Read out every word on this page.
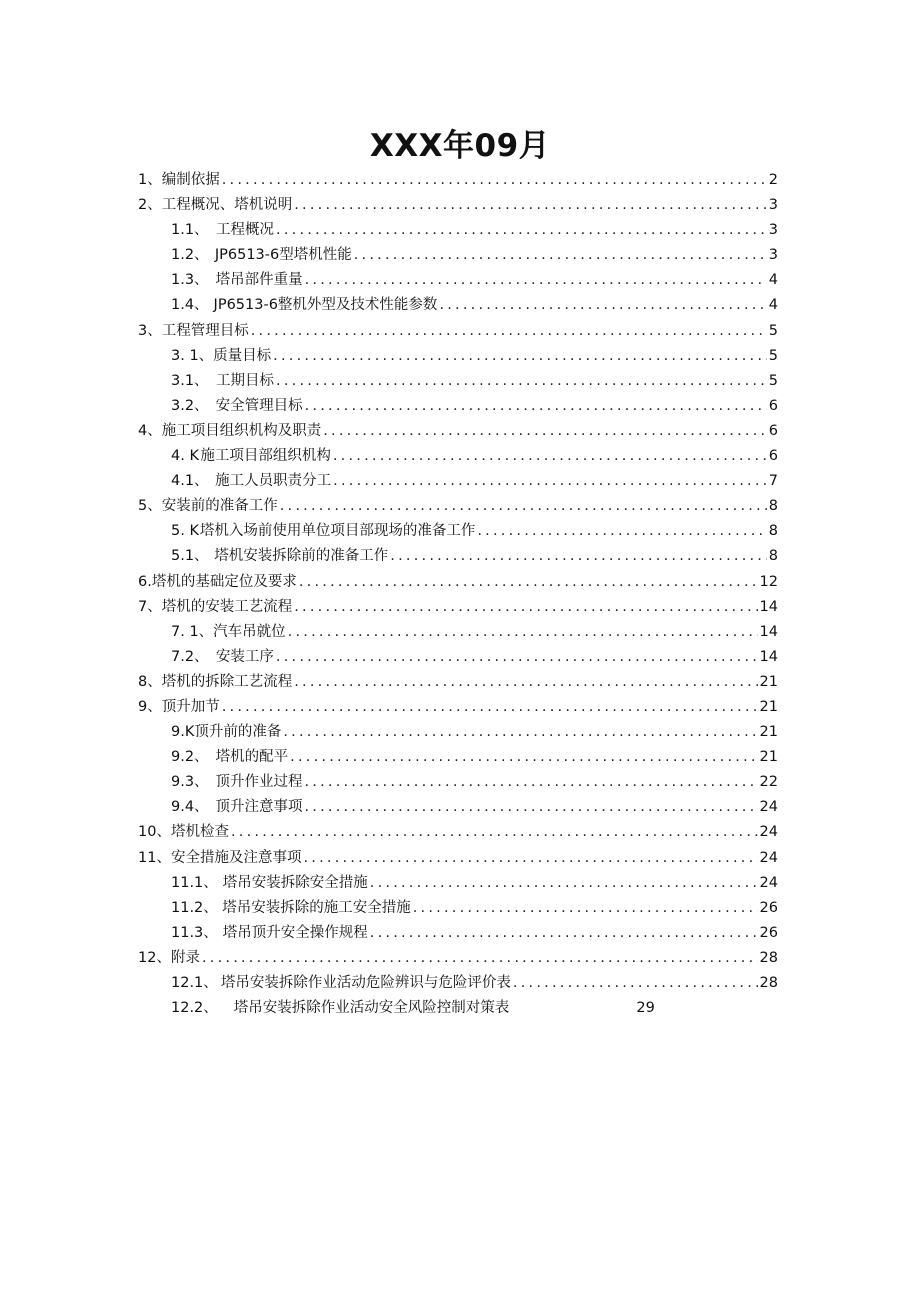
XXX年09月
1、 编制依据 .....	2
2、 工程概况、塔机说明 .....	3
1.1、 工程概况 .....	3
1.2、 JP6513-6型塔机性能 .....	3
1.3、 塔吊部件重量 .....	4
1.4、 JP6513-6整机外型及技术性能参数 .....	4
3、 工程管理目标 .....	5
3. 1、 质量目标 .....	5
3.1、 工期目标 .....	5
3.2、 安全管理目标 .....	6
4、 施工项目组织机构及职责 .....	6
4. K 施工项目部组织机构 .....	6
4.1、 施工人员职责分工 .....	7
5、 安装前的准备工作 .....	8
5. K 塔机入场前使用单位项目部现场的准备工作 .....	8
5.1、 塔机安装拆除前的准备工作 .....	8
6. 塔机的基础定位及要求 .....	12
7、 塔机的安装工艺流程 .....	14
7. 1、 汽车吊就位 .....	14
7.2、 安装工序 .....	14
8、 塔机的拆除工艺流程 .....	21
9、 顶升加节 .....	21
9.K 顶升前的准备 .....	21
9.2、 塔机的配平 .....	21
9.3、 顶升作业过程 .....	22
9.4、 顶升注意事项 .....	24
10、 塔机检查 .....	24
11、 安全措施及注意事项 .....	24
11.1、 塔吊安装拆除安全措施 .....	24
11.2、 塔吊安装拆除的施工安全措施 .....	26
11.3、 塔吊顶升安全操作规程 .....	26
12、 附录 .....	28
12.1、 塔吊安装拆除作业活动危险辨识与危险评价表 .....	28
12.2、 塔吊安装拆除作业活动安全风险控制对策表	29
